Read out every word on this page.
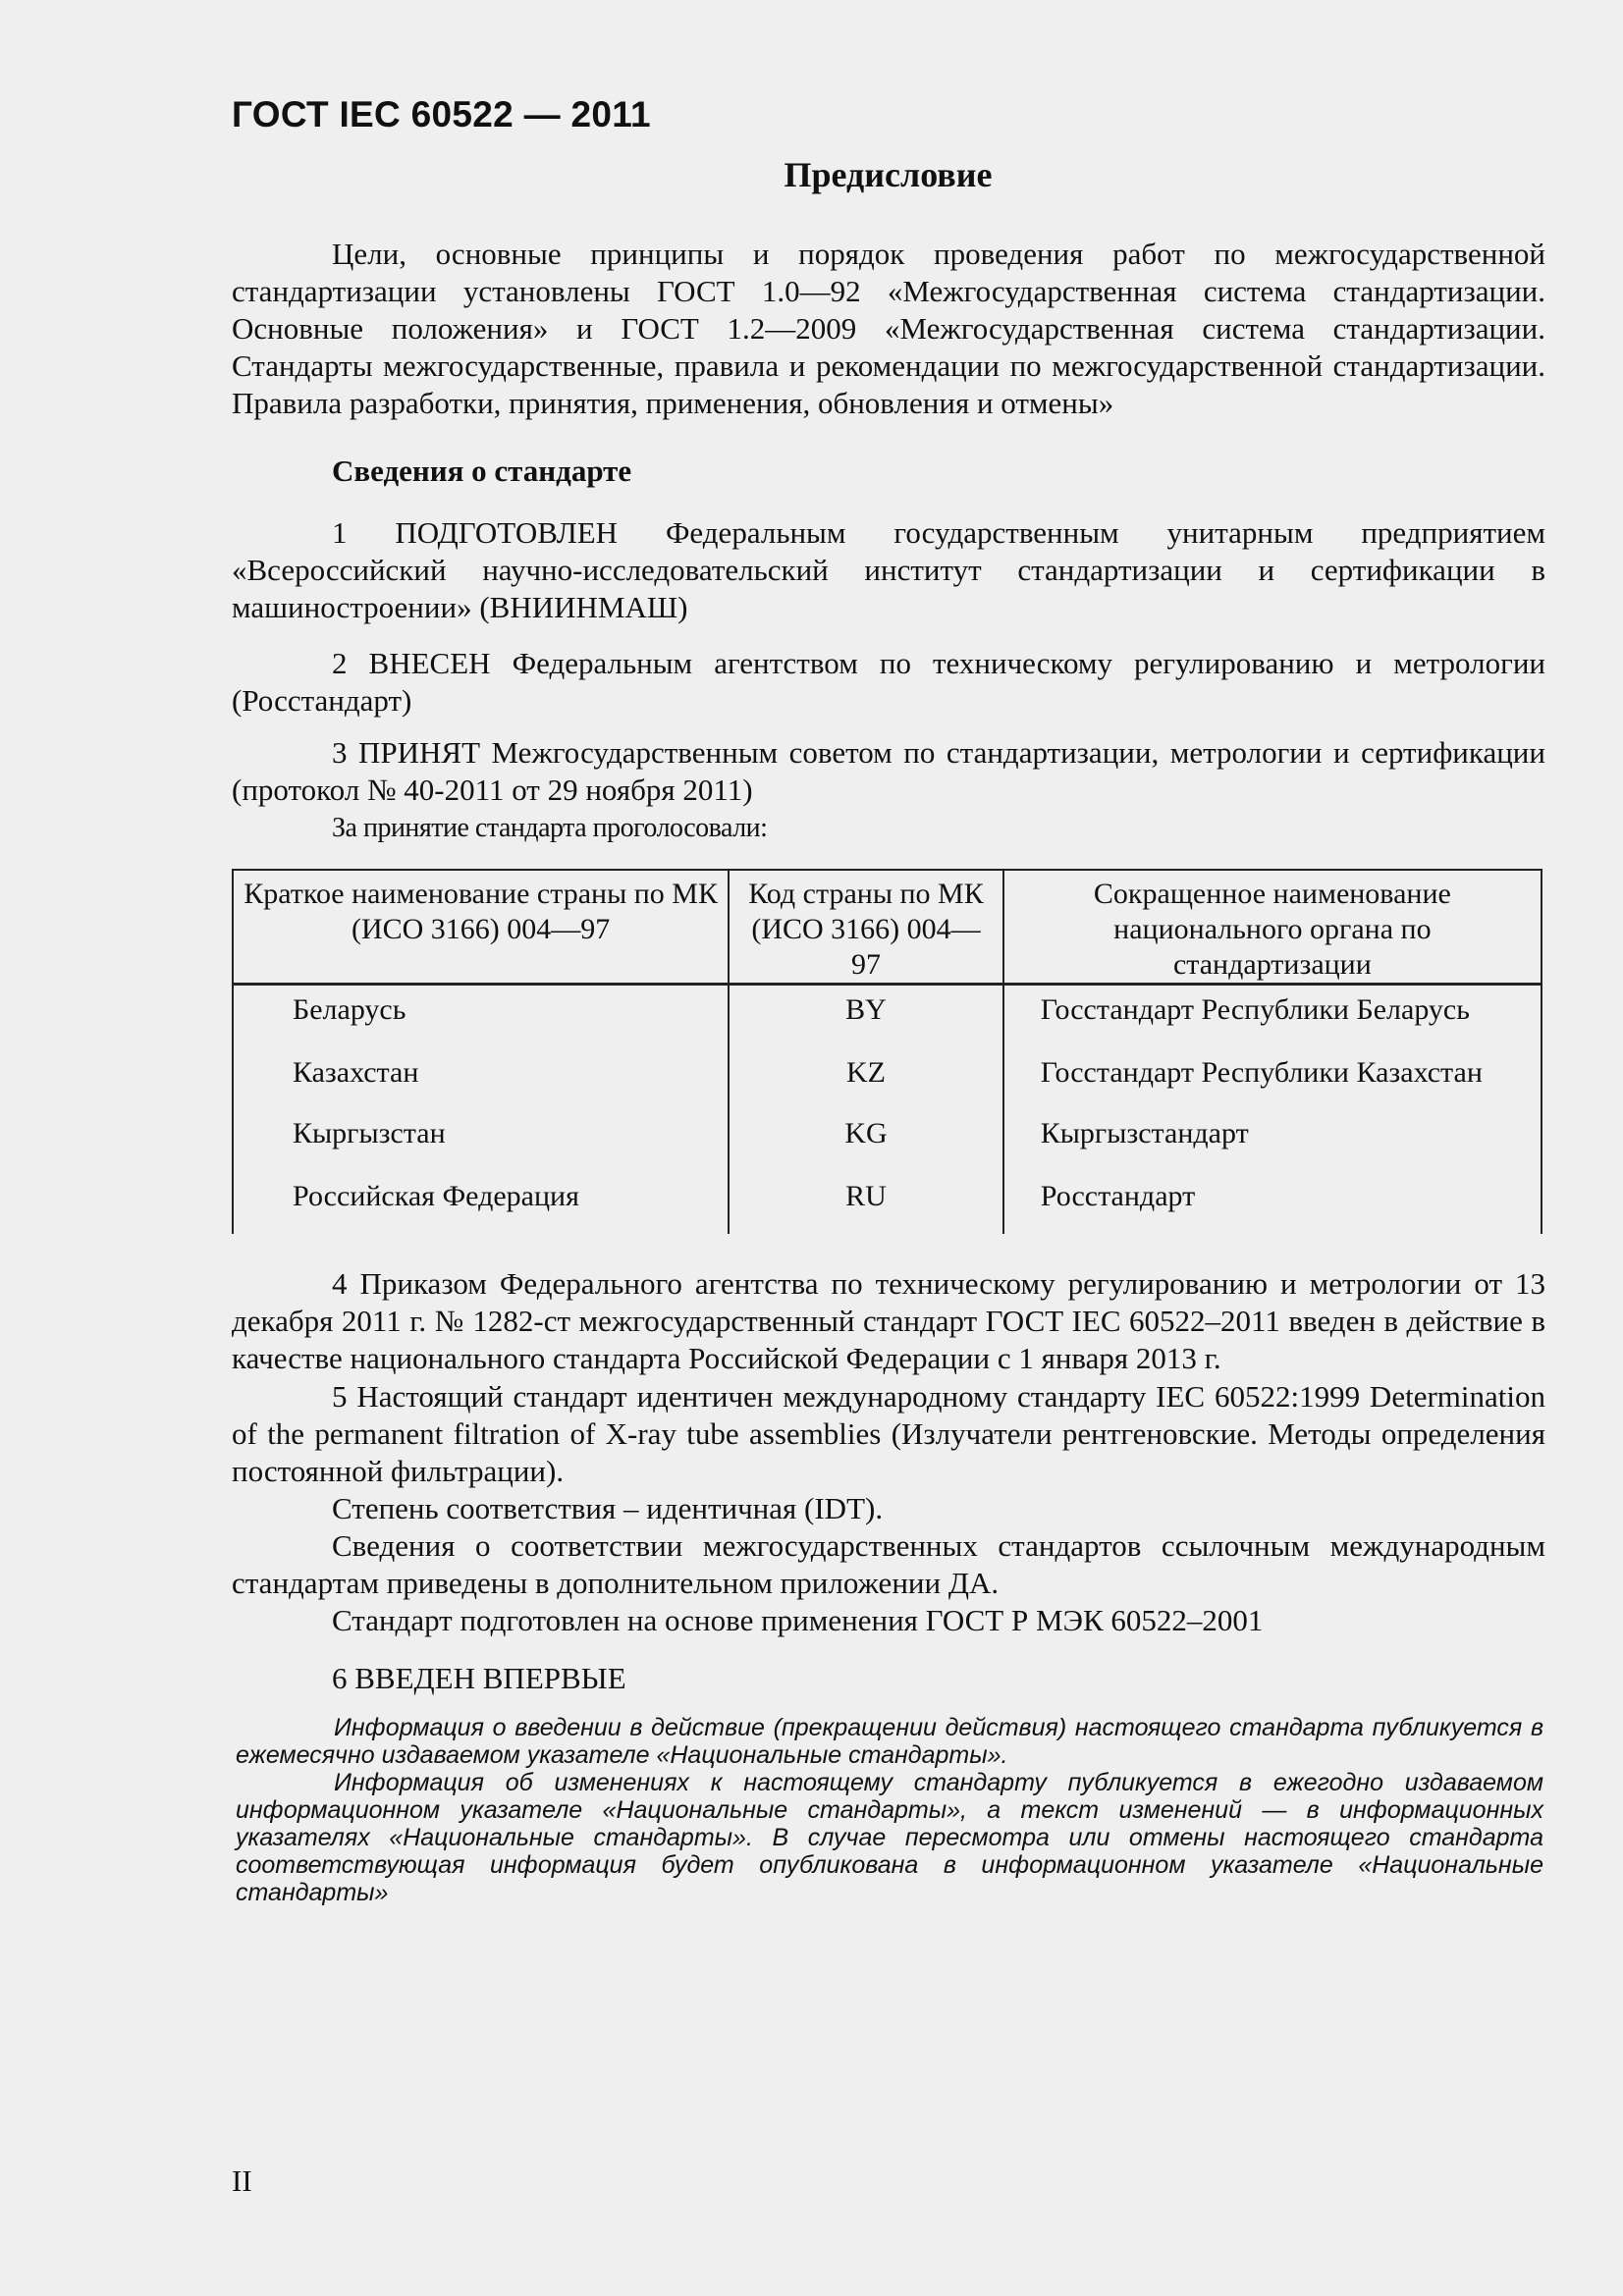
ГОСТ IEC 60522 — 2011
Предисловие

Цели, основные принципы и порядок проведения работ по межгосударственной стандартизации установлены ГОСТ 1.0—92 «Межгосударственная система стандартизации. Основные положения» и ГОСТ 1.2—2009 «Межгосударственная система стандартизации. Стандарты межгосударственные, правила и рекомендации по межгосударственной стандартизации. Правила разработки, принятия, применения, обновления и отмены»

Сведения о стандарте

1 ПОДГОТОВЛЕН Федеральным государственным унитарным предприятием «Всероссийский научно-исследовательский институт стандартизации и сертификации в машиностроении» (ВНИИНМАШ)

2 ВНЕСЕН Федеральным агентством по техническому регулированию и метрологии (Росстандарт)

3 ПРИНЯТ Межгосударственным советом по стандартизации, метрологии и сертификации (протокол № 40-2011 от 29 ноября 2011)

За принятие стандарта проголосовали:

Краткое наименование страны по МК (ИСО 3166) 004—97	Код страны по МК (ИСО 3166) 004—97	Сокращенное наименование национального органа по стандартизации
Беларусь	BY	Госстандарт Республики Беларусь
Казахстан	KZ	Госстандарт Республики Казахстан
Кыргызстан	KG	Кыргызстандарт
Российская Федерация	RU	Росстандарт

4 Приказом Федерального агентства по техническому регулированию и метрологии от 13 декабря 2011 г. № 1282-ст межгосударственный стандарт ГОСТ IEC 60522–2011 введен в действие в качестве национального стандарта Российской Федерации с 1 января 2013 г.

5 Настоящий стандарт идентичен международному стандарту IEC 60522:1999 Determination of the permanent filtration of X-ray tube assemblies (Излучатели рентгеновские. Методы определения постоянной фильтрации).

Степень соответствия – идентичная (IDT).

Сведения о соответствии межгосударственных стандартов ссылочным международным стандартам приведены в дополнительном приложении ДА.

Стандарт подготовлен на основе применения ГОСТ Р МЭК 60522–2001

6 ВВЕДЕН ВПЕРВЫЕ

Информация о введении в действие (прекращении действия) настоящего стандарта публикуется в ежемесячно издаваемом указателе «Национальные стандарты».

Информация об изменениях к настоящему стандарту публикуется в ежегодно издаваемом информационном указателе «Национальные стандарты», а текст изменений — в информационных указателях «Национальные стандарты». В случае пересмотра или отмены настоящего стандарта соответствующая информация будет опубликована в информационном указателе «Национальные стандарты»

II
